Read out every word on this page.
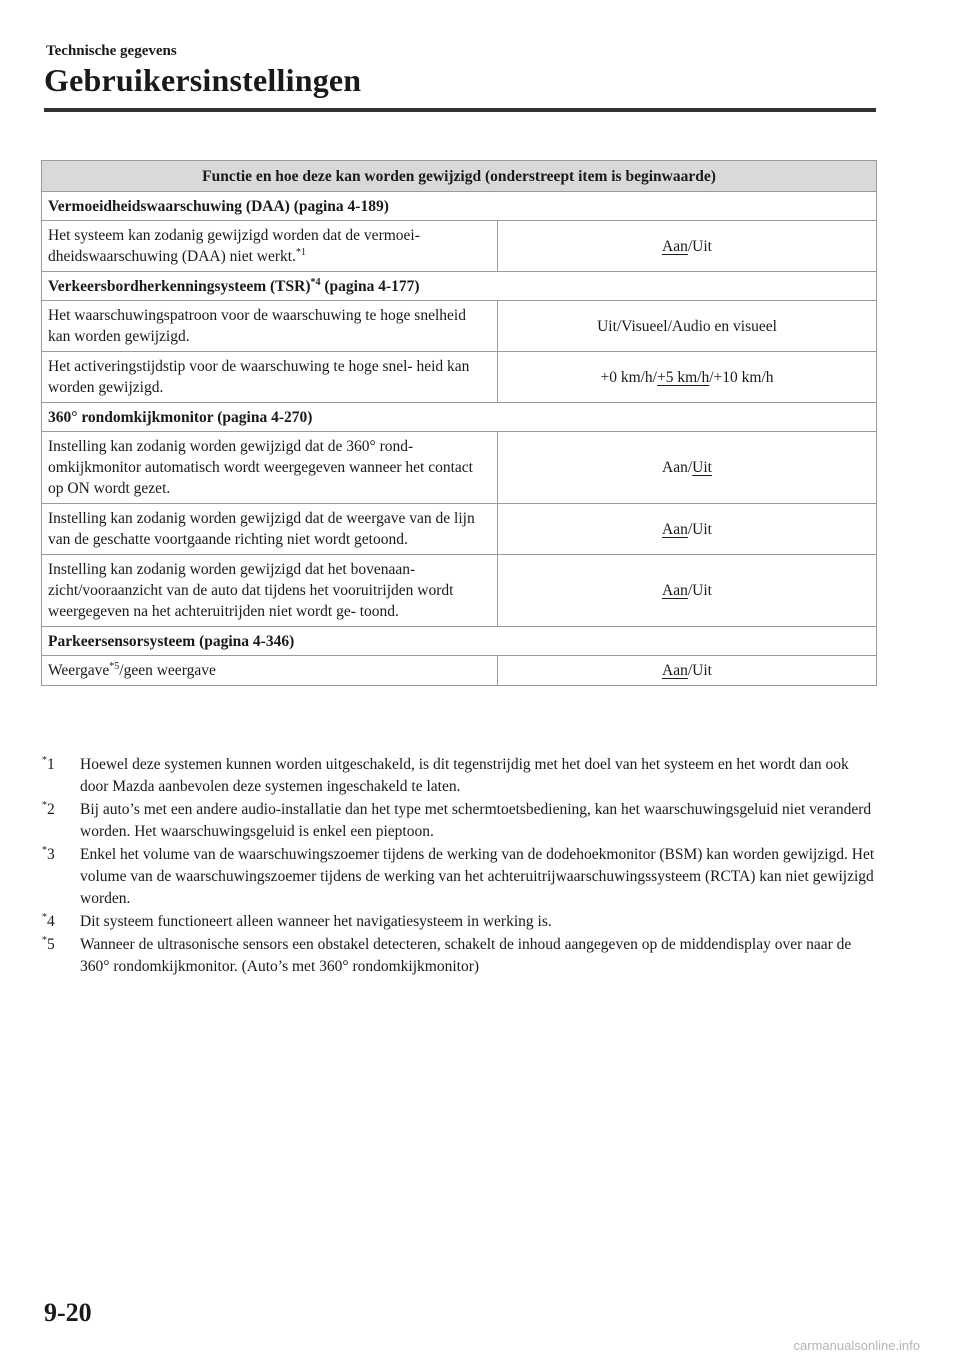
Technische gegevens
Gebruikersinstellingen
Functie en hoe deze kan worden gewijzigd (onderstreept item is beginwaarde)	
Vermoeidheidswaarschuwing (DAA) (pagina 4-189)	
Het systeem kan zodanig gewijzigd worden dat de vermoei- dheidswaarschuwing (DAA) niet werkt.$^{*1}$	Aan/Uit
Verkeersbordherkenningsysteem (TSR)$^{*4}$ (pagina 4-177)	
Het waarschuwingspatroon voor de waarschuwing te hoge snelheid kan worden gewijzigd.	Uit/Visueel/Audio en visueel
Het activeringstijdstip voor de waarschuwing te hoge snel- heid kan worden gewijzigd.	+0 km/h/+5 km/h/+10 km/h
360° rondomkijkmonitor (pagina 4-270)	
Instelling kan zodanig worden gewijzigd dat de 360° rond- omkijkmonitor automatisch wordt weergegeven wanneer het contact op ON wordt gezet.	Aan/Uit
Instelling kan zodanig worden gewijzigd dat de weergave van de lijn van de geschatte voortgaande richting niet wordt getoond.	Aan/Uit
Instelling kan zodanig worden gewijzigd dat het bovenaan- zicht/vooraanzicht van de auto dat tijdens het vooruitrijden wordt weergegeven na het achteruitrijden niet wordt ge- toond.	Aan/Uit
Parkeersensorsysteem (pagina 4-346)	
Weergave$^{*5}$/geen weergave	Aan/Uit
*1 Hoewel deze systemen kunnen worden uitgeschakeld, is dit tegenstrijdig met het doel van het systeem en het wordt dan ook door Mazda aanbevolen deze systemen ingeschakeld te laten.
*2 Bij auto’s met een andere audio-installatie dan het type met schermtoetsbediening, kan het waarschuwingsgeluid niet veranderd worden. Het waarschuwingsgeluid is enkel een pieptoon.
*3 Enkel het volume van de waarschuwingszoemer tijdens de werking van de dodehoekmonitor (BSM) kan worden gewijzigd. Het volume van de waarschuwingszoemer tijdens de werking van het achteruitrijwaarschuwingssysteem (RCTA) kan niet gewijzigd worden.
*4 Dit systeem functioneert alleen wanneer het navigatiesysteem in werking is.
*5 Wanneer de ultrasonische sensors een obstakel detecteren, schakelt de inhoud aangegeven op de middendisplay over naar de 360° rondomkijkmonitor. (Auto’s met 360° rondomkijkmonitor)
9-20
carmanualsonline.info
